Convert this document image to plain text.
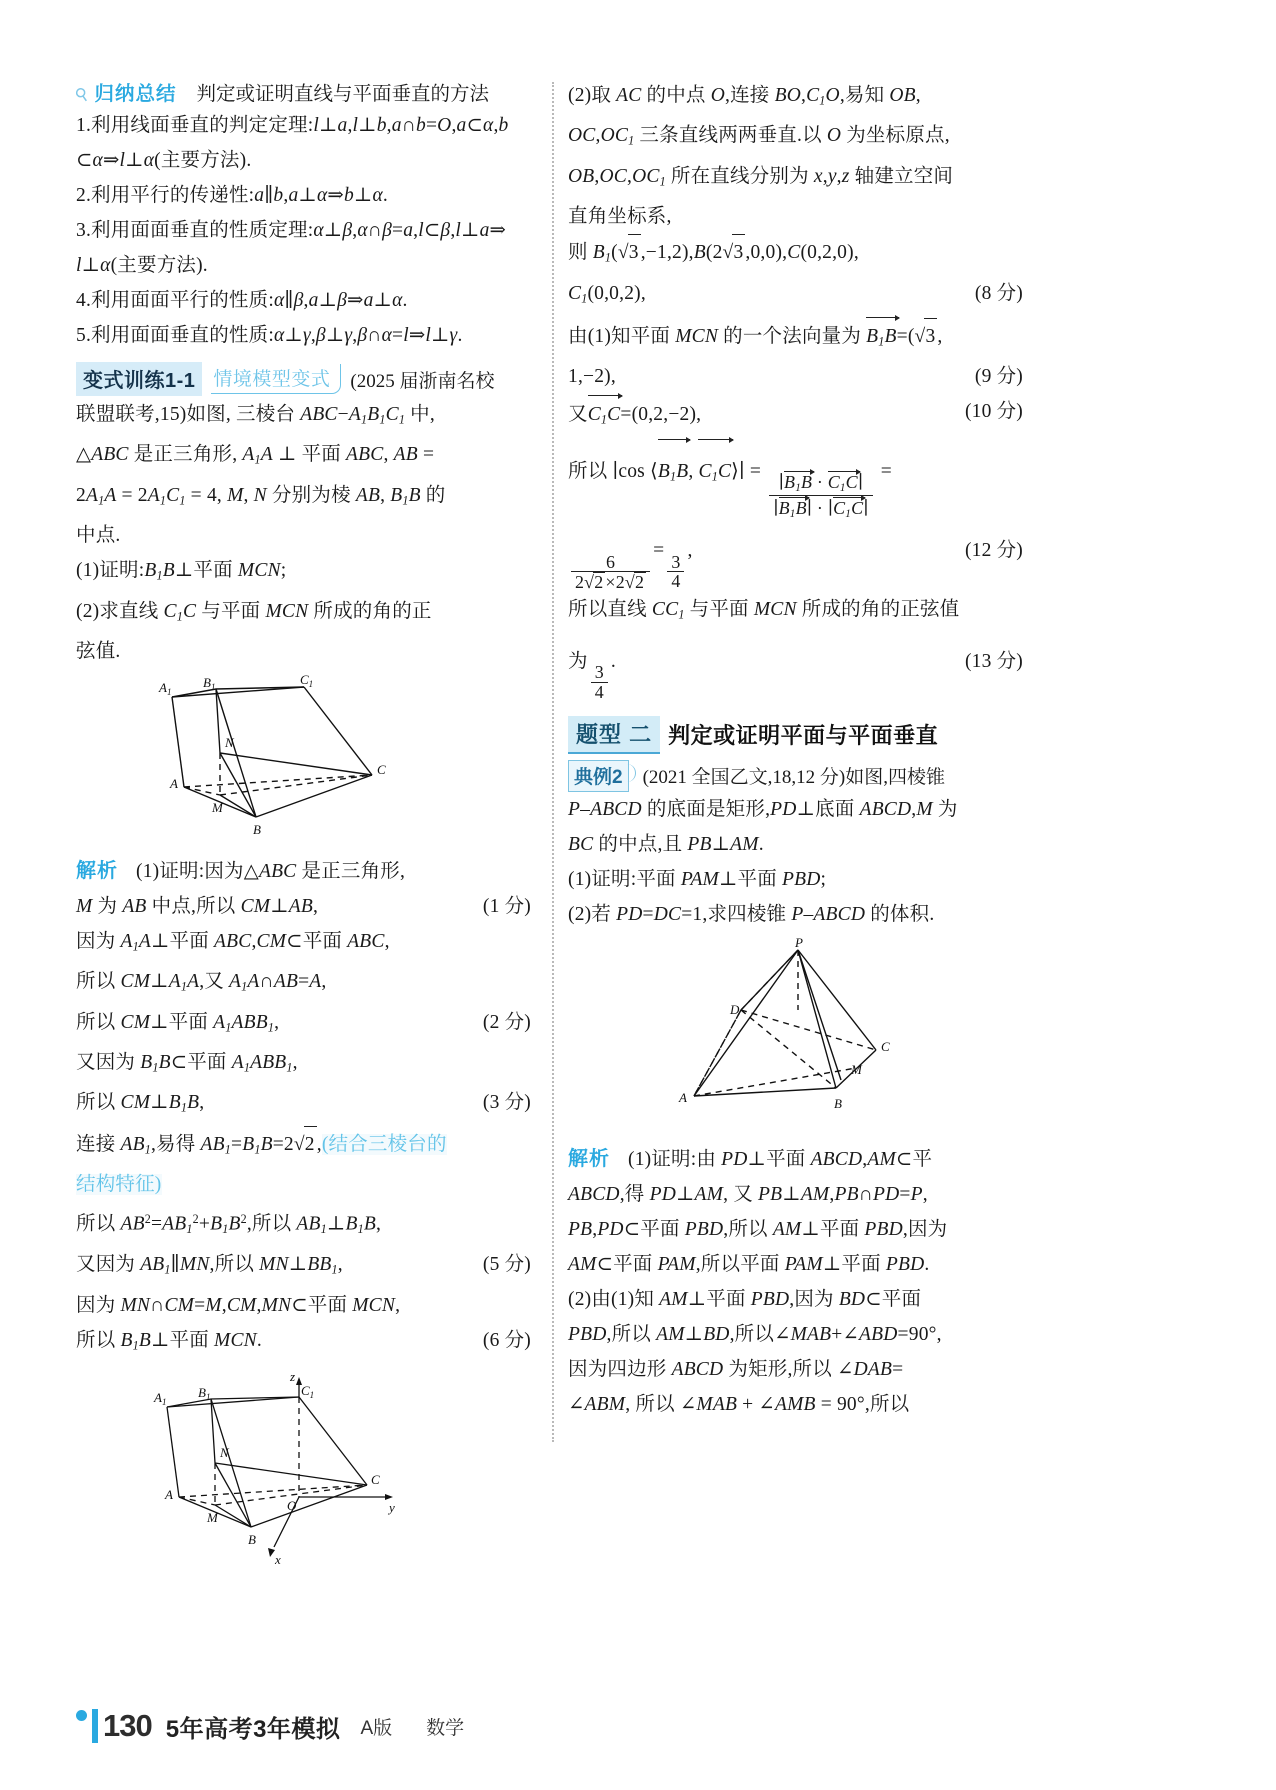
⚲ 归纳总结 判定或证明直线与平面垂直的方法
1.利用线面垂直的判定定理:l⊥a,l⊥b,a∩b=O,a⊂α,b
⊂α⇒l⊥α(主要方法).
2.利用平行的传递性:a∥b,a⊥α⇒b⊥α.
3.利用面面垂直的性质定理:α⊥β,α∩β=a,l⊂β,l⊥a⇒
l⊥α(主要方法).
4.利用面面平行的性质:α∥β,a⊥β⇒a⊥α.
5.利用面面垂直的性质:α⊥γ,β⊥γ,β∩α=l⇒l⊥γ.
变式训练1-1 情境模型变式	(2025 届浙南名校
联盟联考,15)如图, 三棱台 $ABC-A_1B_1C_1$ 中,
△ABC 是正三角形, $A_1A$ ⊥ 平面 ABC, AB =
$2A_1A = 2A_1C_1 = 4$, M, N 分别为棱 AB, $B_1B$ 的
中点.
(1)证明$:B_1B\perp$平面 MCN;
(2)求直线 $C_1C$ 与平面 MCN 所成的角的正
弦值.
$A_1$
$B_1$	$C_1$
N
C
A
M
B
解析 (1)证明:因为△ABC 是正三角形,
M 为 AB 中点,所以 CM⊥AB,	(1 分)
因为 $A_1A\perp$平面 ABC,CM⊂平面 ABC,
所以 $CM\perp A_1A$,又 $A_1A\cap AB=A$,
所以 CM⊥平面 $A_1ABB_1$,	(2 分)
又因为 $B_1B\subset$平面 $A_1ABB_1$,
所以 $CM\perp B_1B$,	(3 分)
连接 $AB_1$,易得 $AB_1=B_1B=2√2$ ,(结合三棱台的
结构特征)
所以 $AB^2=AB_1^2+B_1B^2$,所以 $AB_1\perp B_1B$,
又因为 $AB_1\parallel MN$,所以 $MN\perp BB_1$,	(5 分)
因为 MN∩CM=M,CM,MN⊂平面 MCN,
所以 $B_1B\perp$平面 MCN.	(6 分)
z
$A_1$
$B_1$	$C_1$
N
C
A
O	y
M
B
x
(2)取 AC 的中点 O,连接 $BO,C_1O$,易知 OB,
$OC,OC_1$ 三条直线两两垂直.以 O 为坐标原点,
$OB,OC,OC_1$ 所在直线分别为 x,y,z 轴建立空间
直角坐标系,
则 $B_1(√3$ ,−1,2),B(2√3 ,0,0),C(0,2,0),
$C_1(0,0,2)$,	(8 分)
由(1)知平面 MCN 的一个法向量为 $B_1B=(√3$ ,
1,−2),	(9 分)
又$C_1C=(0,2,-2)$,	(10 分)
所以 ∣cos $⟨B_1B$, $C_1C⟩∣ = \frac{∣B_1B \cdot C_1C∣}{∣B_1B∣ \cdot ∣C_1C∣}$ =
$\frac{6}{2√2 \times 2√2}$
=
$\frac{3}{4}$
,	(12 分)
所以直线 $CC_1$ 与平面 MCN 所成的角的正弦值
为
$\frac{3}{4}$
.	(13 分)
题型 二 判定或证明平面与平面垂直
典例2	(2021 全国乙文,18,12 分)如图,四棱锥
P–ABCD 的底面是矩形,PD⊥底面 ABCD,M 为
BC 的中点,且 PB⊥AM.
(1)证明:平面 PAM⊥平面 PBD;
(2)若 PD=DC=1,求四棱锥 P–ABCD 的体积.
P
D
C
M
A	B
解析 (1)证明:由 PD⊥平面 ABCD,AM⊂平
ABCD,得 PD⊥AM, 又 PB⊥AM,PB∩PD=P,
PB,PD⊂平面 PBD,所以 AM⊥平面 PBD,因为
AM⊂平面 PAM,所以平面 PAM⊥平面 PBD.
(2)由(1)知 AM⊥平面 PBD,因为 BD⊂平面
PBD,所以 AM⊥BD,所以∠MAB+∠ABD=90°,
因为四边形 ABCD 为矩形,所以 ∠DAB=
∠ABM, 所以 ∠MAB + ∠AMB = 90°,所以
130 5年高考3年模拟 A版 数学
